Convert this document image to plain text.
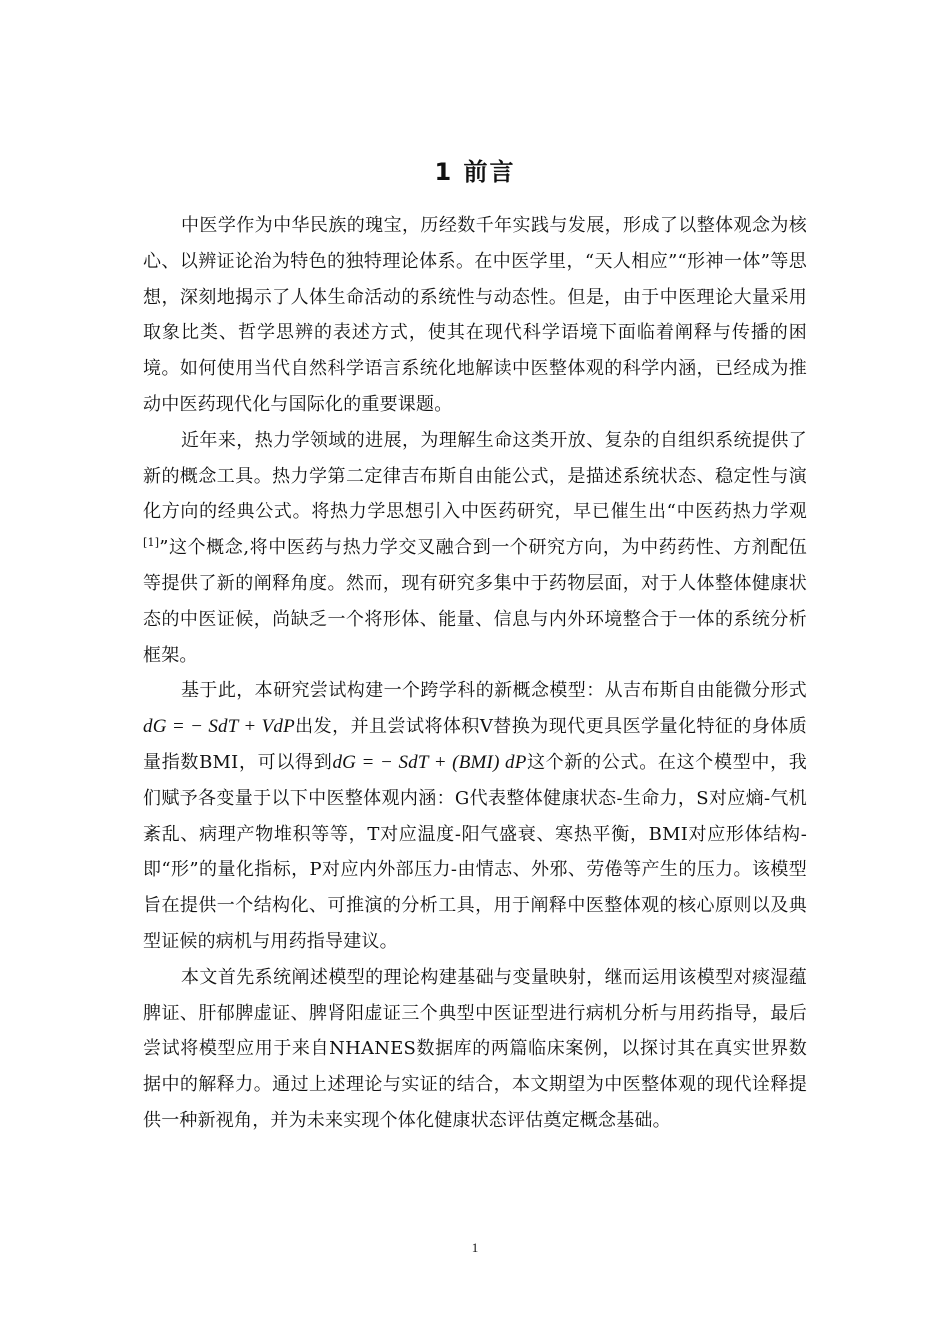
1 前言

中医学作为中华民族的瑰宝，历经数千年实践与发展，形成了以整体观念为核心、以辨证论治为特色的独特理论体系。在中医学里，“天人相应”“形神一体”等思想，深刻地揭示了人体生命活动的系统性与动态性。但是，由于中医理论大量采用取象比类、哲学思辨的表述方式，使其在现代科学语境下面临着阐释与传播的困境。如何使用当代自然科学语言系统化地解读中医整体观的科学内涵，已经成为推动中医药现代化与国际化的重要课题。

近年来，热力学领域的进展，为理解生命这类开放、复杂的自组织系统提供了新的概念工具。热力学第二定律吉布斯自由能公式，是描述系统状态、稳定性与演化方向的经典公式。将热力学思想引入中医药研究，早已催生出“中医药热力学观[1]”这个概念,将中医药与热力学交叉融合到一个研究方向，为中药药性、方剂配伍等提供了新的阐释角度。然而，现有研究多集中于药物层面，对于人体整体健康状态的中医证候，尚缺乏一个将形体、能量、信息与内外环境整合于一体的系统分析框架。

基于此，本研究尝试构建一个跨学科的新概念模型：从吉布斯自由能微分形式dG = − SdT + VdP出发，并且尝试将体积V替换为现代更具医学量化特征的身体质量指数BMI，可以得到dG = − SdT + (BMI) dP这个新的公式。在这个模型中，我们赋予各变量于以下中医整体观内涵：G代表整体健康状态-生命力，S对应熵-气机紊乱、病理产物堆积等等，T对应温度-阳气盛衰、寒热平衡，BMI对应形体结构-即“形”的量化指标，P对应内外部压力-由情志、外邪、劳倦等产生的压力。该模型旨在提供一个结构化、可推演的分析工具，用于阐释中医整体观的核心原则以及典型证候的病机与用药指导建议。

本文首先系统阐述模型的理论构建基础与变量映射，继而运用该模型对痰湿蕴脾证、肝郁脾虚证、脾肾阳虚证三个典型中医证型进行病机分析与用药指导，最后尝试将模型应用于来自NHANES数据库的两篇临床案例，以探讨其在真实世界数据中的解释力。通过上述理论与实证的结合，本文期望为中医整体观的现代诠释提供一种新视角，并为未来实现个体化健康状态评估奠定概念基础。

1
